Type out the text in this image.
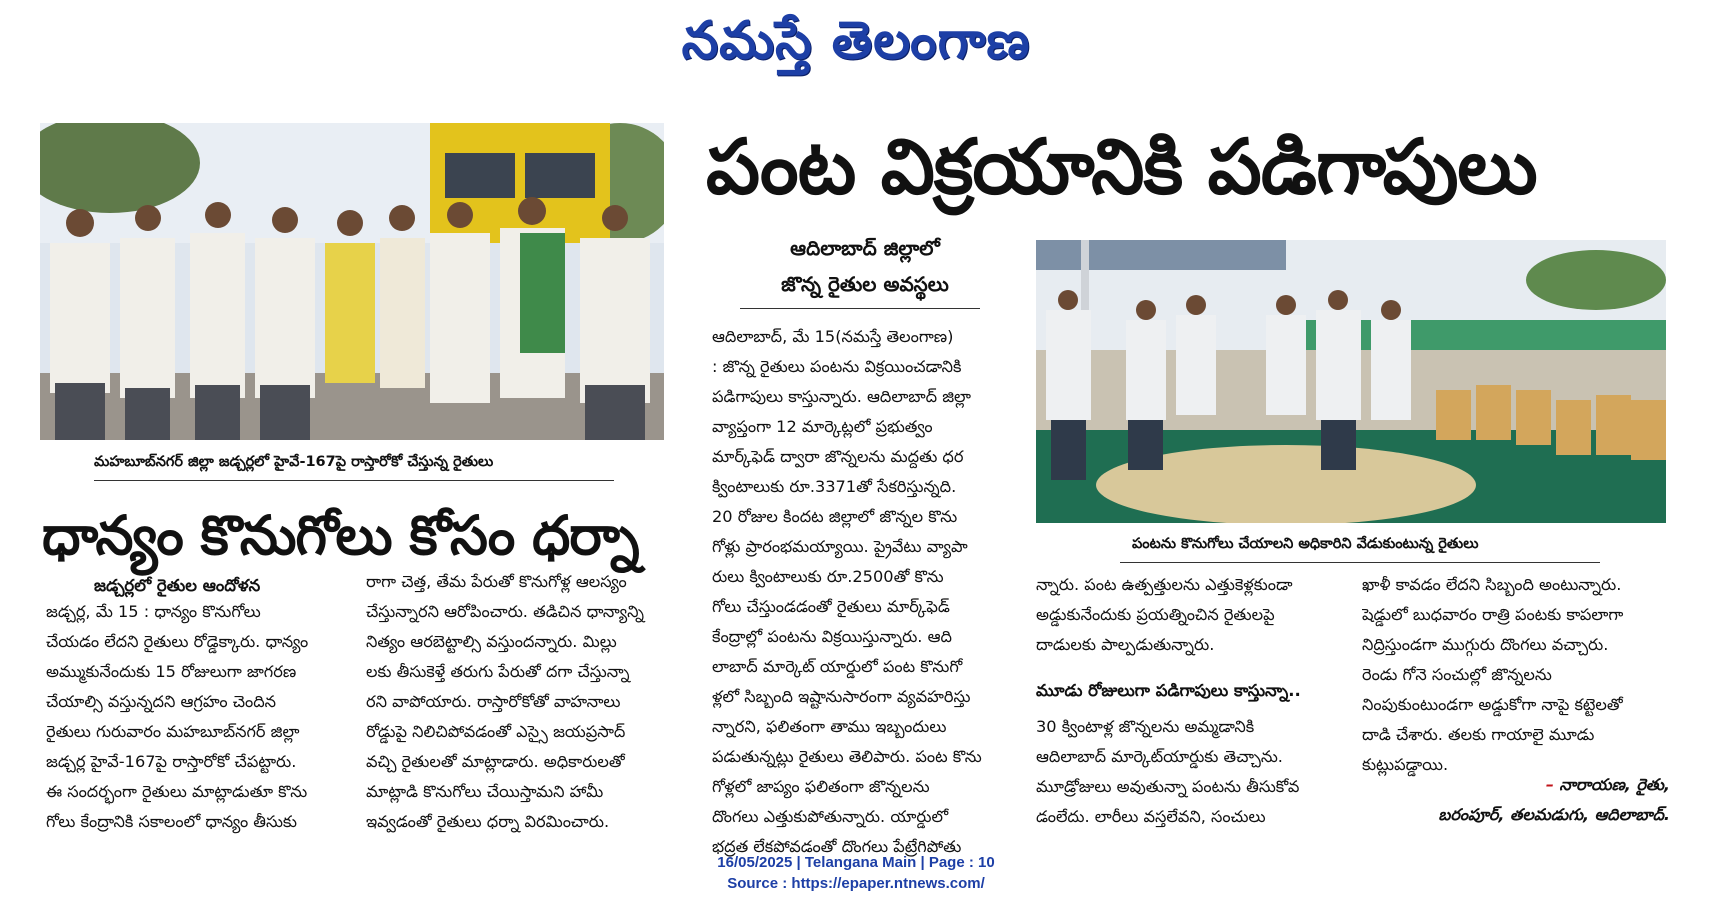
నమస్తే తెలంగాణ
మహబూబ్‌నగర్ జిల్లా జడ్చర్లలో హైవే-167పై రాస్తారోకో చేస్తున్న రైతులు
పంట విక్రయానికి పడిగాపులు
ఆదిలాబాద్ జిల్లాలో
జొన్న రైతుల అవస్థలు

ఆదిలాబాద్, మే 15(నమస్తే తెలంగాణ)

: జొన్న రైతులు పంటను విక్రయించడానికి

పడిగాపులు కాస్తున్నారు. ఆదిలాబాద్ జిల్లా

వ్యాప్తంగా 12 మార్కెట్లలో ప్రభుత్వం

మార్క్‌ఫెడ్ ద్వారా జొన్నలను మద్దతు ధర

క్వింటాలుకు రూ.3371తో సేకరిస్తున్నది.

20 రోజుల కిందట జిల్లాలో జొన్నల కొను

గోళ్లు ప్రారంభమయ్యాయి. ప్రైవేటు వ్యాపా

రులు క్వింటాలుకు రూ.2500తో కొను

గోలు చేస్తుండడంతో రైతులు మార్క్‌ఫెడ్

కేంద్రాల్లో పంటను విక్రయిస్తున్నారు. ఆది

లాబాద్ మార్కెట్ యార్డులో పంట కొనుగో

ళ్లలో సిబ్బంది ఇష్టానుసారంగా వ్యవహరిస్తు

న్నారని, ఫలితంగా తాము ఇబ్బందులు

పడుతున్నట్లు రైతులు తెలిపారు. పంట కొను

గోళ్లలో జాప్యం ఫలితంగా జొన్నలను

దొంగలు ఎత్తుకుపోతున్నారు. యార్డులో

భద్రత లేకపోవడంతో దొంగలు పేట్రేగిపోతు

పంటను కొనుగోలు చేయాలని అధికారిని వేడుకుంటున్న రైతులు

న్నారు. పంట ఉత్పత్తులను ఎత్తుకెళ్లకుండా

అడ్డుకునేందుకు ప్రయత్నించిన రైతులపై

దాడులకు పాల్పడుతున్నారు.

మూడు రోజులుగా పడిగాపులు కాస్తున్నా..

30 క్వింటాళ్ల జొన్నలను అమ్మడానికి

ఆదిలాబాద్ మార్కెట్‌యార్డుకు తెచ్చాను.

మూడ్రోజులు అవుతున్నా పంటను తీసుకోవ

డంలేదు. లారీలు వస్తలేవని, సంచులు

ఖాళీ కావడం లేదని సిబ్బంది అంటున్నారు.

షెడ్డులో బుధవారం రాత్రి పంటకు కాపలాగా

నిద్రిస్తుండగా ముగ్గురు దొంగలు వచ్చారు.

రెండు గోనె సంచుల్లో జొన్నలను

నింపుకుంటుండగా అడ్డుకోగా నాపై కట్టెలతో

దాడి చేశారు. తలకు గాయాలై మూడు

కుట్లుపడ్డాయి.

– నారాయణ, రైతు,
బరంపూర్, తలమడుగు, ఆదిలాబాద్.
ధాన్యం కొనుగోలు కోసం ధర్నా
జడ్చర్లలో రైతుల ఆందోళన

జడ్చర్ల, మే 15 : ధాన్యం కొనుగోలు

చేయడం లేదని రైతులు రోడ్డెక్కారు. ధాన్యం

అమ్ముకునేందుకు 15 రోజులుగా జాగరణ

చేయాల్సి వస్తున్నదని ఆగ్రహం చెందిన

రైతులు గురువారం మహబూబ్‌నగర్ జిల్లా

జడ్చర్ల హైవే-167పై రాస్తారోకో చేపట్టారు.

ఈ సందర్భంగా రైతులు మాట్లాడుతూ కొను

గోలు కేంద్రానికి సకాలంలో ధాన్యం తీసుకు

రాగా చెత్త, తేమ పేరుతో కొనుగోళ్ల ఆలస్యం

చేస్తున్నారని ఆరోపించారు. తడిచిన ధాన్యాన్ని

నిత్యం ఆరబెట్టాల్సి వస్తుందన్నారు. మిల్లు

లకు తీసుకెళ్తే తరుగు పేరుతో దగా చేస్తున్నా

రని వాపోయారు. రాస్తారోకోతో వాహనాలు

రోడ్డుపై నిలిచిపోవడంతో ఎస్సై జయప్రసాద్

వచ్చి రైతులతో మాట్లాడారు. అధికారులతో

మాట్లాడి కొనుగోలు చేయిస్తామని హామీ

ఇవ్వడంతో రైతులు ధర్నా విరమించారు.

16/05/2025 | Telangana Main | Page : 10
Source : https://epaper.ntnews.com/
